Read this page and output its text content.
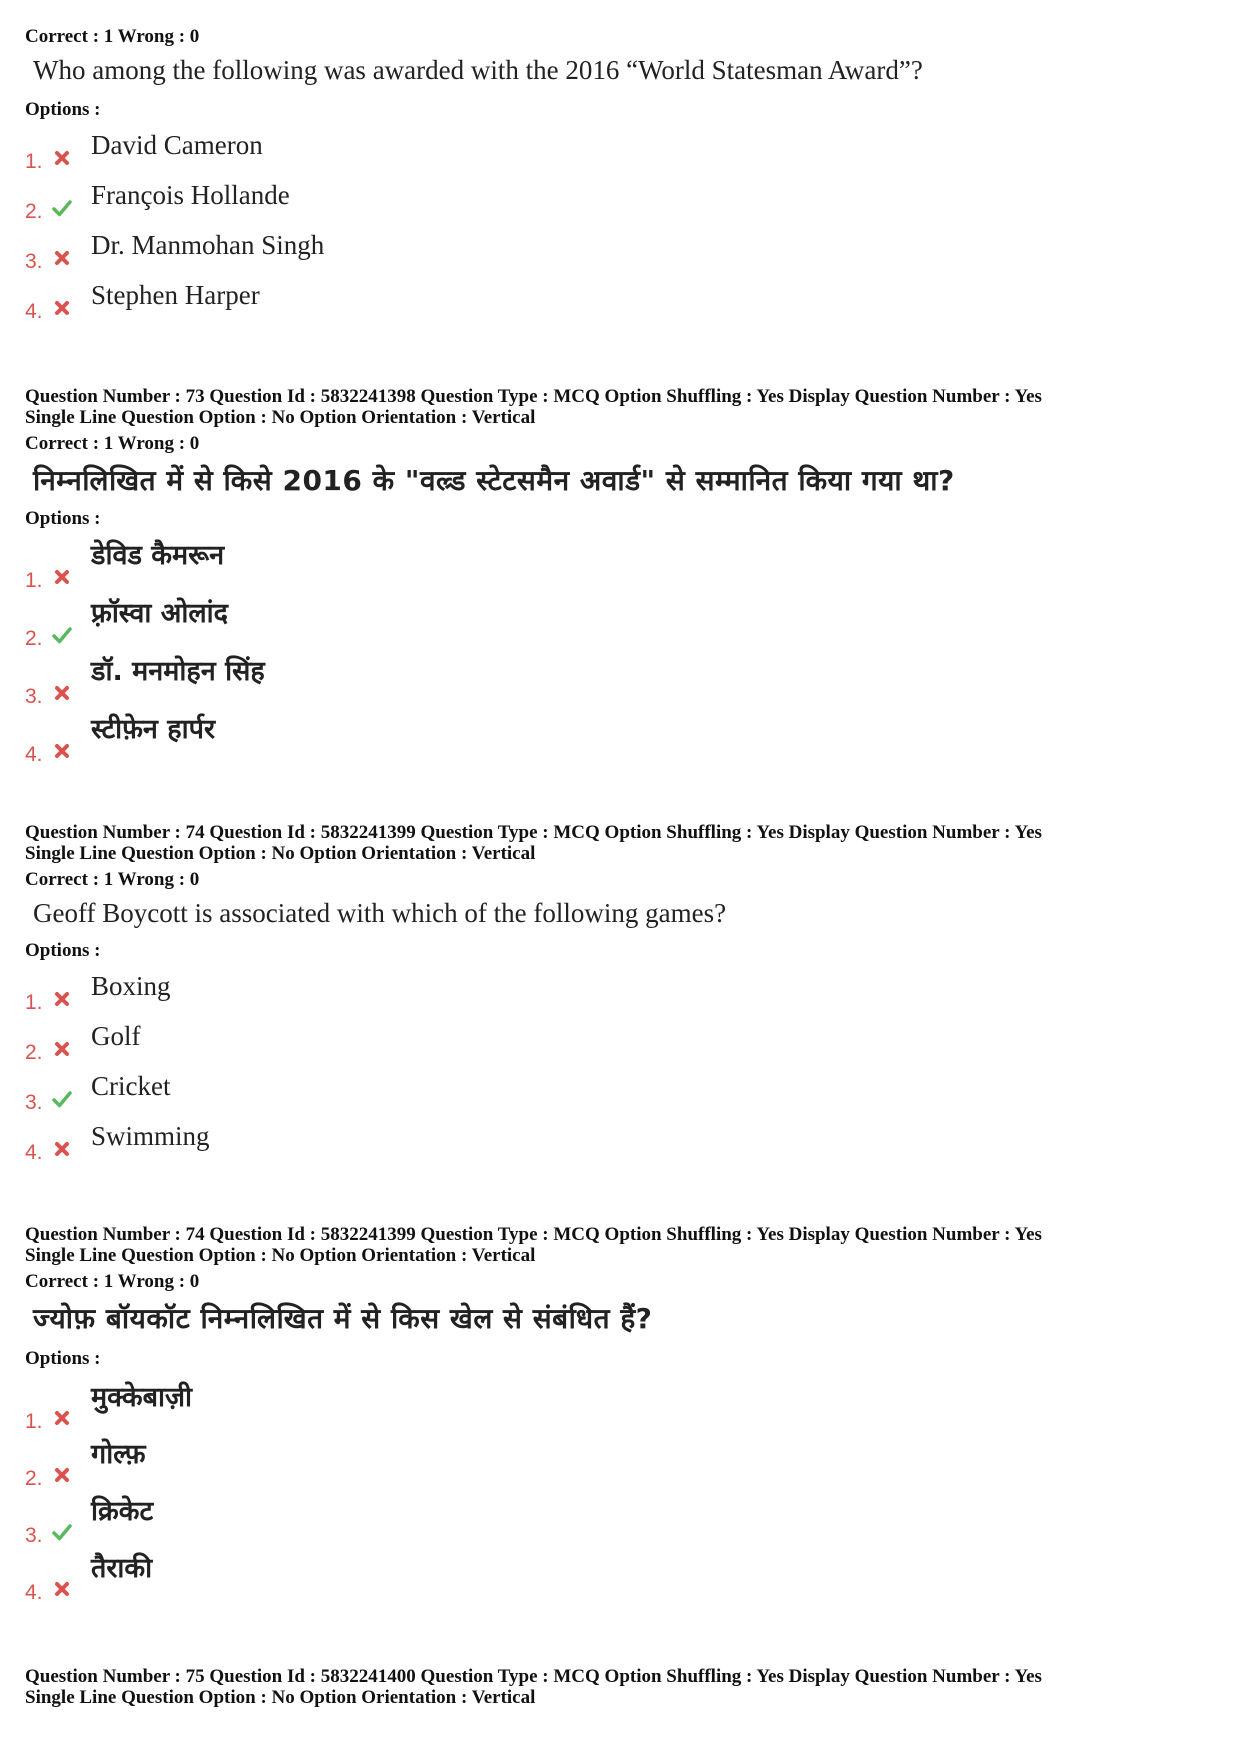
Correct : 1 Wrong : 0

Who among the following was awarded with the 2016 “World Statesman Award”?

Options :

1.
David Cameron
2.
François Hollande
3.
Dr. Manmohan Singh
4.
Stephen Harper

Question Number : 73 Question Id : 5832241398 Question Type : MCQ Option Shuffling : Yes Display Question Number : Yes

Single Line Question Option : No Option Orientation : Vertical

Correct : 1 Wrong : 0

निम्नलिखित में से किसे 2016 के "वल्र्ड स्टेटसमैन अवार्ड" से सम्मानित किया गया था?

Options :

1.
डेविड कैमरून
2.
फ़्रॉस्वा ओलांद
3.
डॉ. मनमोहन सिंह
4.
स्टीफ़ेन हार्पर

Question Number : 74 Question Id : 5832241399 Question Type : MCQ Option Shuffling : Yes Display Question Number : Yes

Single Line Question Option : No Option Orientation : Vertical

Correct : 1 Wrong : 0

Geoff Boycott is associated with which of the following games?

Options :

1.
Boxing
2.
Golf
3.
Cricket
4.
Swimming

Question Number : 74 Question Id : 5832241399 Question Type : MCQ Option Shuffling : Yes Display Question Number : Yes

Single Line Question Option : No Option Orientation : Vertical

Correct : 1 Wrong : 0

ज्योफ़ बॉयकॉट निम्नलिखित में से किस खेल से संबंधित हैं?

Options :

1.
मुक्केबाज़ी
2.
गोल्फ़
3.
क्रिकेट
4.
तैराकी

Question Number : 75 Question Id : 5832241400 Question Type : MCQ Option Shuffling : Yes Display Question Number : Yes

Single Line Question Option : No Option Orientation : Vertical
